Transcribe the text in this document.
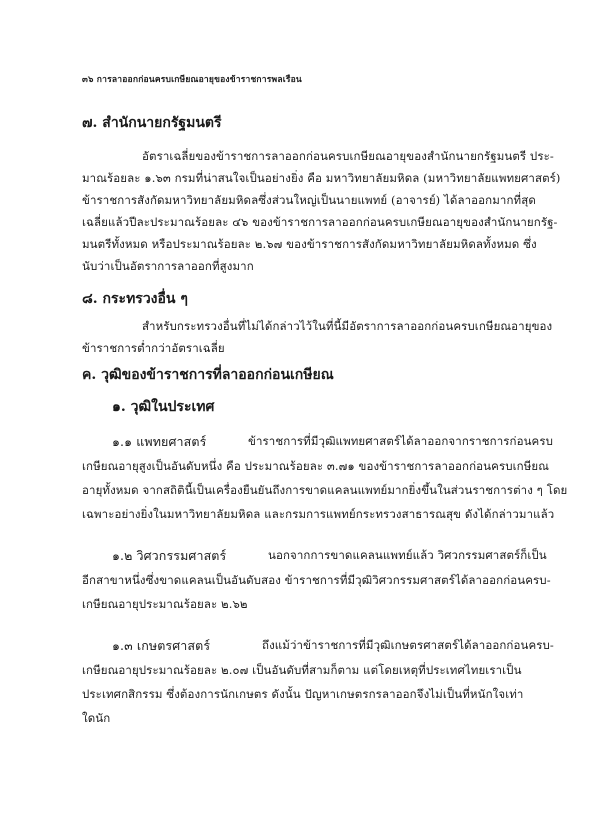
๓๖ การลาออกก่อนครบเกษียณอายุของข้าราชการพลเรือน
๗. สำนักนายกรัฐมนตรี
อัตราเฉลี่ยของข้าราชการลาออกก่อนครบเกษียณอายุของสำนักนายกรัฐมนตรี ประ-
มาณร้อยละ ๑.๖๓ กรมที่น่าสนใจเป็นอย่างยิ่ง คือ มหาวิทยาลัยมหิดล (มหาวิทยาลัยแพทยศาสตร์)
ข้าราชการสังกัดมหาวิทยาลัยมหิดลซึ่งส่วนใหญ่เป็นนายแพทย์ (อาจารย์) ได้ลาออกมากที่สุด
เฉลี่ยแล้วปีละประมาณร้อยละ ๔๖ ของข้าราชการลาออกก่อนครบเกษียณอายุของสำนักนายกรัฐ-
มนตรีทั้งหมด หรือประมาณร้อยละ ๒.๖๗ ของข้าราชการสังกัดมหาวิทยาลัยมหิดลทั้งหมด ซึ่ง
นับว่าเป็นอัตราการลาออกที่สูงมาก
๘. กระทรวงอื่น ๆ
สำหรับกระทรวงอื่นที่ไม่ได้กล่าวไว้ในที่นี้มีอัตราการลาออกก่อนครบเกษียณอายุของ
ข้าราชการต่ำกว่าอัตราเฉลี่ย
ค. วุฒิของข้าราชการที่ลาออกก่อนเกษียณ
๑. วุฒิในประเทศ
๑.๑ แพทยศาสตร์	ข้าราชการที่มีวุฒิแพทยศาสตร์ได้ลาออกจากราชการก่อนครบ
เกษียณอายุสูงเป็นอันดับหนึ่ง คือ ประมาณร้อยละ ๓.๗๑ ของข้าราชการลาออกก่อนครบเกษียณ
อายุทั้งหมด จากสถิตินี้เป็นเครื่องยืนยันถึงการขาดแคลนแพทย์มากยิ่งขึ้นในส่วนราชการต่าง ๆ โดย
เฉพาะอย่างยิ่งในมหาวิทยาลัยมหิดล และกรมการแพทย์กระทรวงสาธารณสุข ดังได้กล่าวมาแล้ว
๑.๒ วิศวกรรมศาสตร์	นอกจากการขาดแคลนแพทย์แล้ว วิศวกรรมศาสตร์ก็เป็น
อีกสาขาหนึ่งซึ่งขาดแคลนเป็นอันดับสอง ข้าราชการที่มีวุฒิวิศวกรรมศาสตร์ได้ลาออกก่อนครบ-
เกษียณอายุประมาณร้อยละ ๒.๖๒
๑.๓ เกษตรศาสตร์	ถึงแม้ว่าข้าราชการที่มีวุฒิเกษตรศาสตร์ได้ลาออกก่อนครบ-
เกษียณอายุประมาณร้อยละ ๒.๐๗ เป็นอันดับที่สามก็ตาม แต่โดยเหตุที่ประเทศไทยเราเป็น
ประเทศกสิกรรม ซึ่งต้องการนักเกษตร ดังนั้น ปัญหาเกษตรกรลาออกจึงไม่เป็นที่หนักใจเท่า
ใดนัก
